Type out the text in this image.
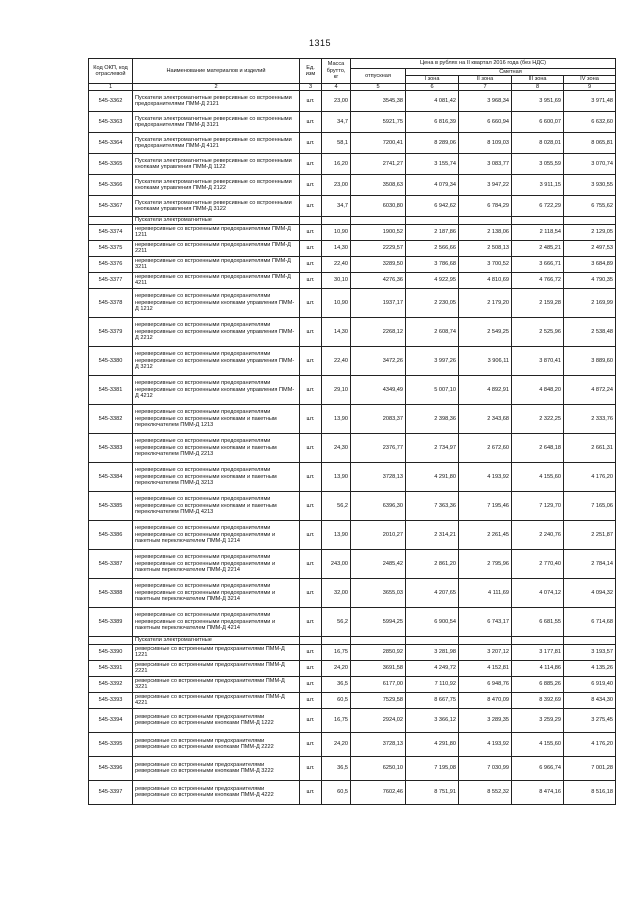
1315
Код ОКП, код отраслевой	Наименование материалов и изделий	Ед. изм	Масса брутто, кг	Цена в рублях на II квартал 2016 года (без НДС)				
				отпускная	Сметная			
					I зона	II зона	III зона	IV зона
1	2	3	4	5	6	7	8	9
545-3362	Пускатели электромагнитные реверсивные со встроенными предохранителями ПММ-Д 2121	шт.	23,00	3545,38	4 081,42	3 968,34	3 951,69	3 971,48
545-3363	Пускатели электромагнитные реверсивные со встроенными предохранителями ПММ-Д 3121	шт.	34,7	5921,75	6 816,39	6 660,94	6 600,07	6 632,60
545-3364	Пускатели электромагнитные реверсивные со встроенными предохранителями ПММ-Д 4121	шт.	58,1	7200,41	8 289,06	8 109,03	8 028,01	8 065,81
545-3365	Пускатели электромагнитные реверсивные со встроенными кнопками управления ПММ-Д 1122	шт.	16,20	2741,27	3 155,74	3 083,77	3 055,59	3 070,74
545-3366	Пускатели электромагнитные реверсивные со встроенными кнопками управления ПММ-Д 2122	шт.	23,00	3508,63	4 079,34	3 947,22	3 911,15	3 930,55
545-3367	Пускатели электромагнитные реверсивные со встроенными кнопками управления ПММ-Д 3122	шт.	34,7	6030,80	6 942,62	6 784,29	6 722,29	6 755,62
	Пускатели электромагнитные							
545-3374	нереверсивные со встроенными предохранителями ПММ-Д 1211	шт.	10,90	1900,52	2 187,86	2 138,06	2 118,54	2 129,05
545-3375	нереверсивные со встроенными предохранителями ПММ-Д 2211	шт.	14,30	2229,57	2 566,66	2 508,13	2 485,21	2 497,53
545-3376	нереверсивные со встроенными предохранителями ПММ-Д 3211	шт.	22,40	3289,50	3 786,68	3 700,52	3 666,71	3 684,89
545-3377	нереверсивные со встроенными предохранителями ПММ-Д 4211	шт.	30,10	4276,36	4 922,95	4 810,69	4 766,72	4 790,35
545-3378	нереверсивные со встроенными предохранителями нереверсивные со встроенными кнопками управления ПММ-Д 1212	шт.	10,90	1937,17	2 230,05	2 179,20	2 159,28	2 169,99
545-3379	нереверсивные со встроенными предохранителями нереверсивные со встроенными кнопками управления ПММ-Д 2212	шт.	14,30	2268,12	2 608,74	2 549,25	2 525,96	2 538,48
545-3380	нереверсивные со встроенными предохранителями нереверсивные со встроенными кнопками управления ПММ-Д 3212	шт.	22,40	3472,26	3 997,26	3 906,11	3 870,41	3 889,60
545-3381	нереверсивные со встроенными предохранителями нереверсивные со встроенными кнопками управления ПММ-Д 4212	шт.	29,10	4349,49	5 007,10	4 892,91	4 848,20	4 872,24
545-3382	нереверсивные со встроенными предохранителями нереверсивные со встроенными кнопками и пакетным переключателем ПММ-Д 1213	шт.	13,90	2083,37	2 398,36	2 343,68	2 322,25	2 333,76
545-3383	нереверсивные со встроенными предохранителями нереверсивные со встроенными кнопками и пакетным переключателем ПММ-Д 2213	шт.	24,30	2376,77	2 734,97	2 672,60	2 648,18	2 661,31
545-3384	нереверсивные со встроенными предохранителями нереверсивные со встроенными кнопками и пакетным переключателем ПММ-Д 3213	шт.	13,90	3728,13	4 291,80	4 193,92	4 155,60	4 176,20
545-3385	нереверсивные со встроенными предохранителями нереверсивные со встроенными кнопками и пакетным переключателем ПММ-Д 4213	шт.	56,2	6396,30	7 363,36	7 195,46	7 129,70	7 165,06
545-3386	нереверсивные со встроенными предохранителями нереверсивные со встроенными предохранителями и пакетным переключателем ПММ-Д 1214	шт.	13,90	2010,27	2 314,21	2 261,45	2 240,76	2 251,87
545-3387	нереверсивные со встроенными предохранителями нереверсивные со встроенными предохранителями и пакетным переключателем ПММ-Д 2214	шт.	243,00	2485,42	2 861,20	2 795,96	2 770,40	2 784,14
545-3388	нереверсивные со встроенными предохранителями нереверсивные со встроенными предохранителями и пакетным переключателем ПММ-Д 3214	шт.	32,00	3655,03	4 207,65	4 111,69	4 074,12	4 094,32
545-3389	нереверсивные со встроенными предохранителями нереверсивные со встроенными предохранителями и пакетным переключателем ПММ-Д 4214	шт.	56,2	5994,25	6 900,54	6 743,17	6 681,55	6 714,68
	Пускатели электромагнитные							
545-3390	реверсивные со встроенными предохранителями ПММ-Д 1221	шт.	16,75	2850,92	3 281,98	3 207,12	3 177,81	3 193,57
545-3391	реверсивные со встроенными предохранителями ПММ-Д 2221	шт.	24,20	3691,58	4 249,72	4 152,81	4 114,86	4 135,26
545-3392	реверсивные со встроенными предохранителями ПММ-Д 3221	шт.	36,5	6177,00	7 110,92	6 948,76	6 885,26	6 919,40
545-3393	реверсивные со встроенными предохранителями ПММ-Д 4221	шт.	60,5	7529,58	8 667,75	8 470,09	8 392,69	8 434,30
545-3394	реверсивные со встроенными предохранителями реверсивные со встроенными кнопками ПММ-Д 1222	шт.	16,75	2924,02	3 366,12	3 289,35	3 259,29	3 275,45
545-3395	реверсивные со встроенными предохранителями реверсивные со встроенными кнопками ПММ-Д 2222	шт.	24,20	3728,13	4 291,80	4 193,92	4 155,60	4 176,20
545-3396	реверсивные со встроенными предохранителями реверсивные со встроенными кнопками ПММ-Д 3222	шт.	36,5	6250,10	7 195,08	7 030,99	6 966,74	7 001,28
545-3397	реверсивные со встроенными предохранителями реверсивные со встроенными кнопками ПММ-Д 4222	шт.	60,5	7602,46	8 751,91	8 552,32	8 474,16	8 516,18
